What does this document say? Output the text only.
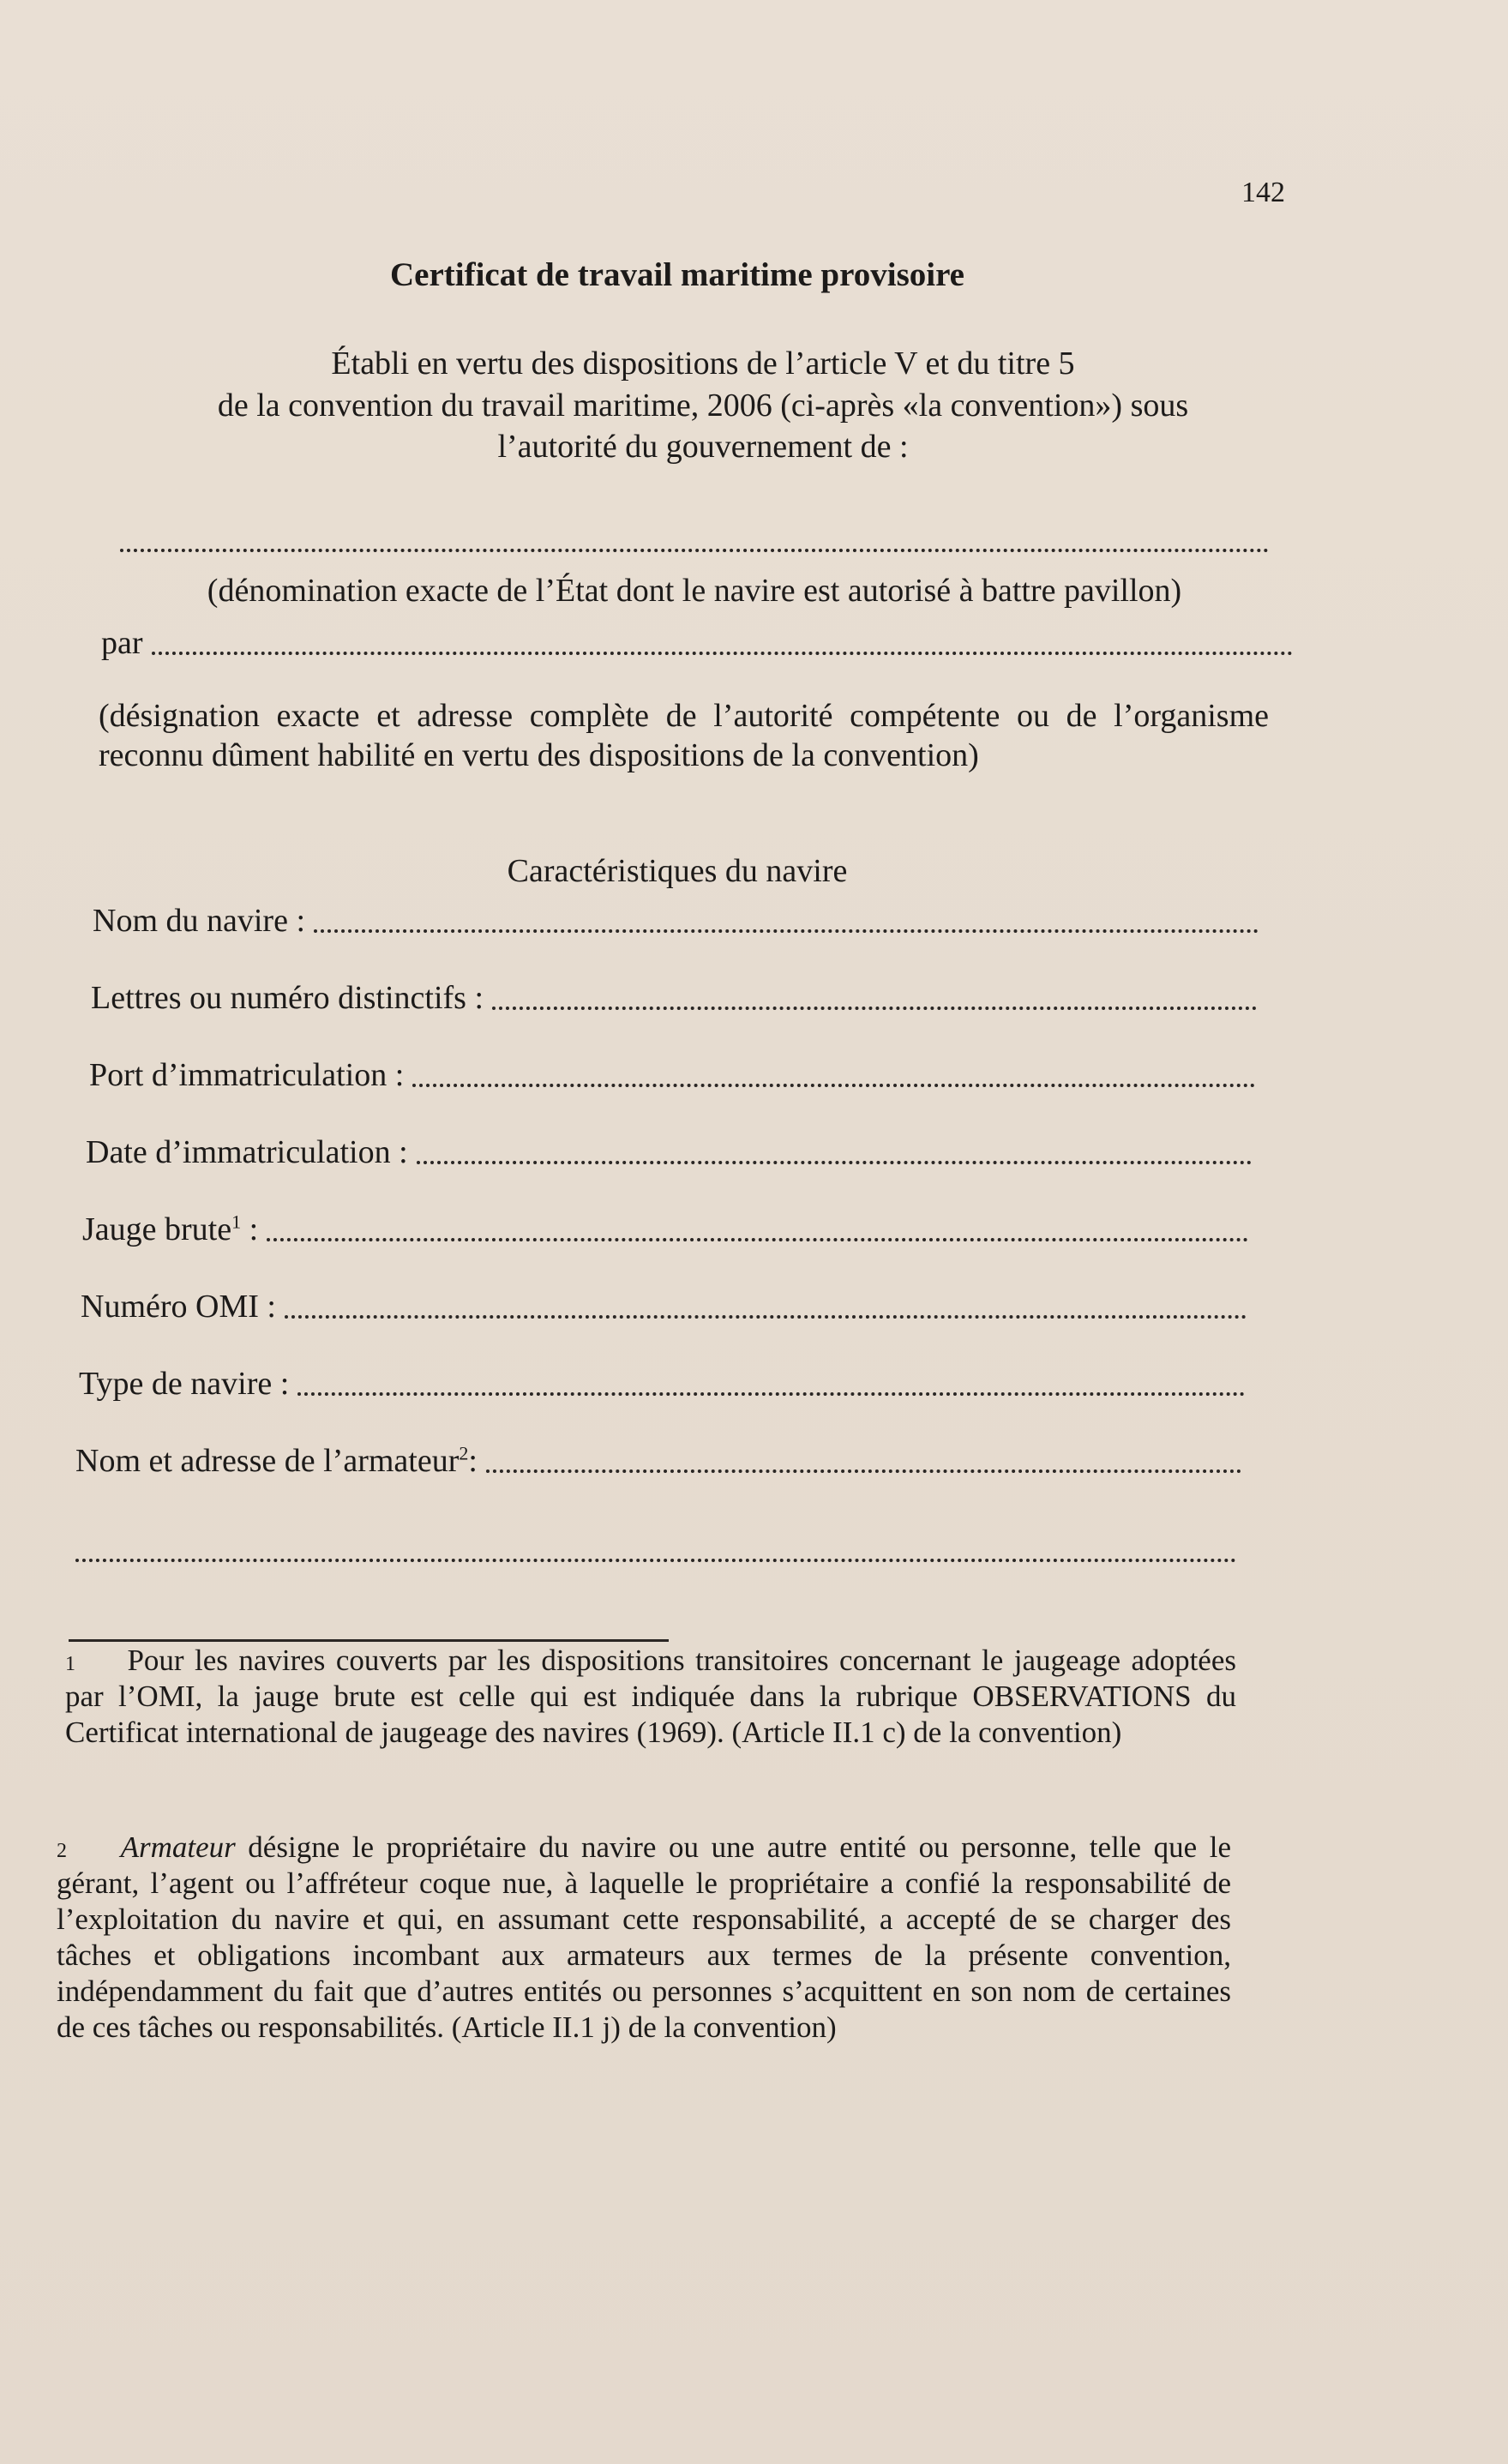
142
Certificat de travail maritime provisoire
Établi en vertu des dispositions de l’article V et du titre 5
de la convention du travail maritime, 2006 (ci-après «la convention») sous
l’autorité du gouvernement de :
(dénomination exacte de l’État dont le navire est autorisé à battre pavillon)
par
(désignation exacte et adresse complète de l’autorité compétente ou de l’organisme reconnu dûment habilité en vertu des dispositions de la convention)
Caractéristiques du navire
Nom du navire :
Lettres ou numéro distinctifs :
Port d’immatriculation :
Date d’immatriculation :
Jauge brute$^1$ :
Numéro OMI :
Type de navire :
Nom et adresse de l’armateur$^2$:
1 Pour les navires couverts par les dispositions transitoires concernant le jaugeage adoptées par l’OMI, la jauge brute est celle qui est indiquée dans la rubrique OBSERVATIONS du Certificat international de jaugeage des navires (1969). (Article II.1 c) de la convention)
2 Armateur désigne le propriétaire du navire ou une autre entité ou personne, telle que le gérant, l’agent ou l’affréteur coque nue, à laquelle le propriétaire a confié la responsabilité de l’exploitation du navire et qui, en assumant cette responsabilité, a accepté de se charger des tâches et obligations incombant aux armateurs aux termes de la présente convention, indépendamment du fait que d’autres entités ou personnes s’acquittent en son nom de certaines de ces tâches ou responsabilités. (Article II.1 j) de la convention)
